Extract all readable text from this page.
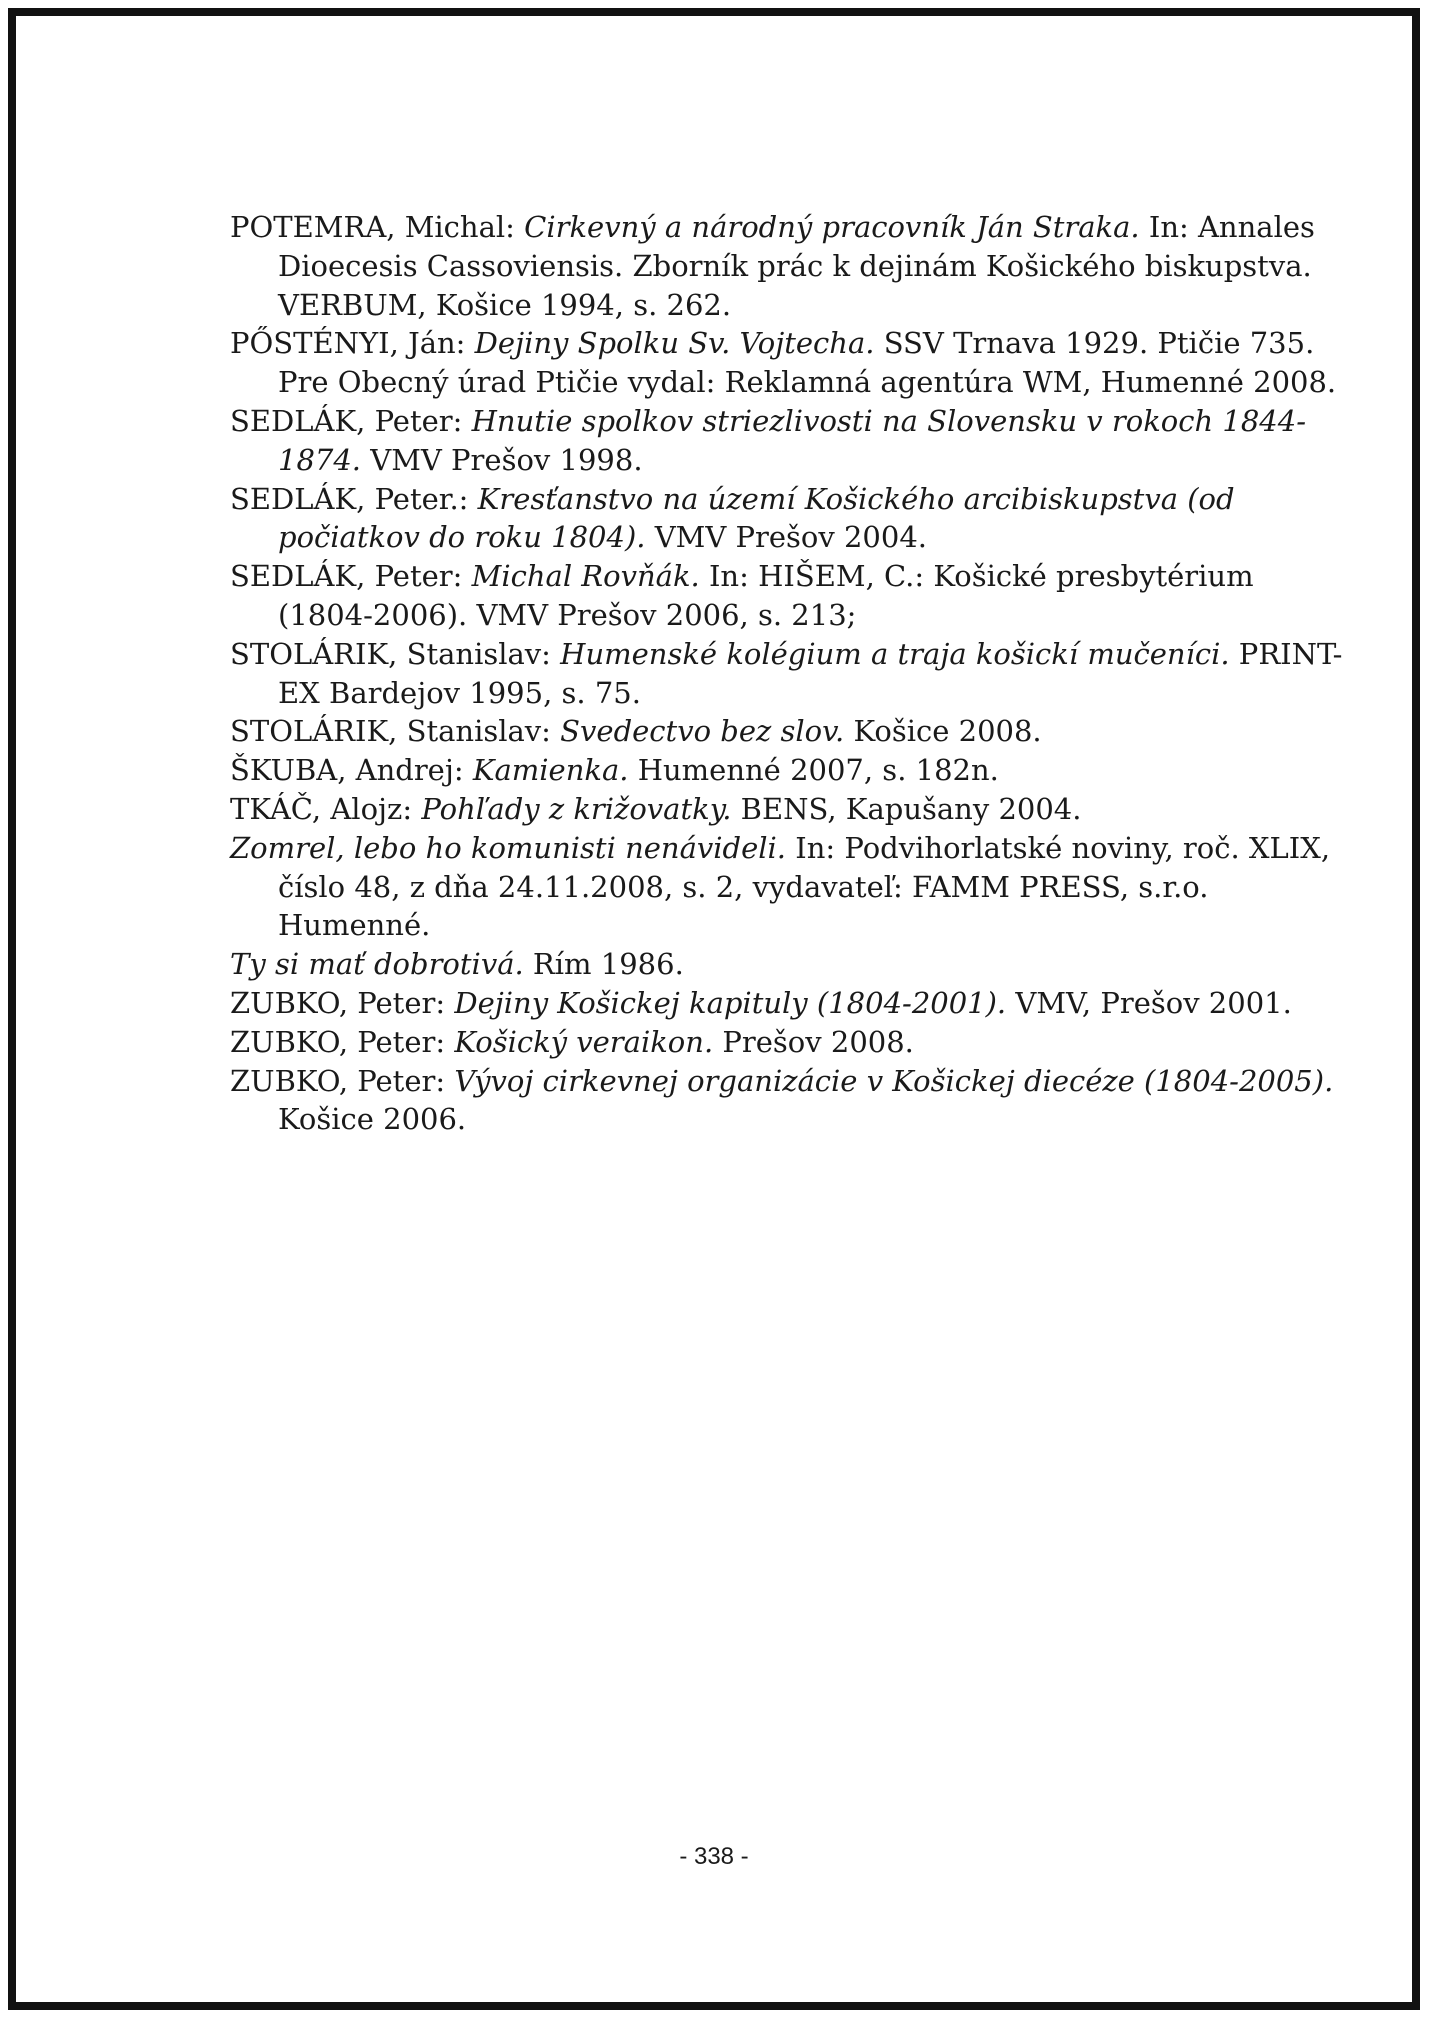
POTEMRA, Michal: Cirkevný a národný pracovník Ján Straka. In: Annales Dioecesis Cassoviensis. Zborník prác k dejinám Košického biskupstva. VERBUM, Košice 1994, s. 262.

PŐSTÉNYI, Ján: Dejiny Spolku Sv. Vojtecha. SSV Trnava 1929. Ptičie 735. Pre Obecný úrad Ptičie vydal: Reklamná agentúra WM, Humenné 2008.

SEDLÁK, Peter: Hnutie spolkov striezlivosti na Slovensku v rokoch 1844-1874. VMV Prešov 1998.

SEDLÁK, Peter.: Kresťanstvo na území Košického arcibiskupstva (od počiatkov do roku 1804). VMV Prešov 2004.

SEDLÁK, Peter: Michal Rovňák. In: HIŠEM, C.: Košické presbytérium (1804-2006). VMV Prešov 2006, s. 213;

STOLÁRIK, Stanislav: Humenské kolégium a traja košickí mučeníci. PRINT-EX Bardejov 1995, s. 75.

STOLÁRIK, Stanislav: Svedectvo bez slov. Košice 2008.

ŠKUBA, Andrej: Kamienka. Humenné 2007, s. 182n.

TKÁČ, Alojz: Pohľady z križovatky. BENS, Kapušany 2004.

Zomrel, lebo ho komunisti nenávideli. In: Podvihorlatské noviny, roč. XLIX, číslo 48, z dňa 24.11.2008, s. 2, vydavateľ: FAMM PRESS, s.r.o. Humenné.

Ty si mať dobrotivá. Rím 1986.

ZUBKO, Peter: Dejiny Košickej kapituly (1804-2001). VMV, Prešov 2001.

ZUBKO, Peter: Košický veraikon. Prešov 2008.

ZUBKO, Peter: Vývoj cirkevnej organizácie v Košickej diecéze (1804-2005). Košice 2006.

- 338 -
